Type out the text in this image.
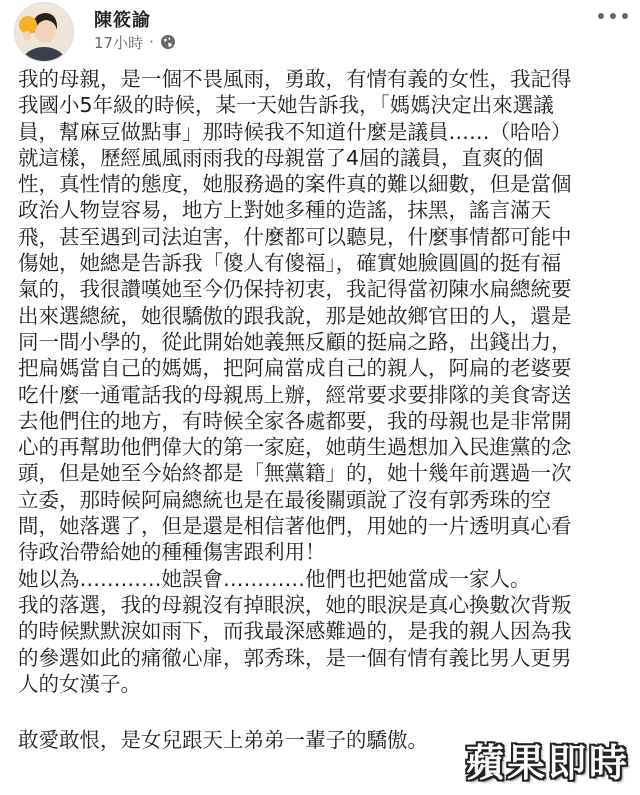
陳筱諭
17小時 ·

我的母親，是一個不畏風雨，勇敢，有情有義的女性，我記得

我國小5年級的時候，某一天她告訴我，「媽媽決定出來選議

員，幫麻豆做點事」那時候我不知道什麼是議員……（哈哈）

就這樣，歷經風風雨雨我的母親當了4屆的議員，直爽的個

性，真性情的態度，她服務過的案件真的難以細數，但是當個

政治人物豈容易，地方上對她多種的造謠，抹黑，謠言滿天

飛，甚至遇到司法迫害，什麼都可以聽見，什麼事情都可能中

傷她，她總是告訴我「傻人有傻福」，確實她臉圓圓的挺有福

氣的，我很讚嘆她至今仍保持初衷，我記得當初陳水扁總統要

出來選總統，她很驕傲的跟我說，那是她故鄉官田的人，還是

同一間小學的，從此開始她義無反顧的挺扁之路，出錢出力，

把扁媽當自己的媽媽，把阿扁當成自己的親人，阿扁的老婆要

吃什麼一通電話我的母親馬上辦，經常要求要排隊的美食寄送

去他們住的地方，有時候全家各處都要，我的母親也是非常開

心的再幫助他們偉大的第一家庭，她萌生過想加入民進黨的念

頭，但是她至今始終都是「無黨籍」的，她十幾年前選過一次

立委，那時候阿扁總統也是在最後關頭說了沒有郭秀珠的空

間，她落選了，但是還是相信著他們，用她的一片透明真心看

待政治帶給她的種種傷害跟利用！

她以為…………她誤會…………他們也把她當成一家人。

我的落選，我的母親沒有掉眼淚，她的眼淚是真心換數次背叛

的時候默默淚如雨下，而我最深感難過的，是我的親人因為我

的參選如此的痛徹心扉，郭秀珠，是一個有情有義比男人更男

人的女漢子。

敢愛敢恨，是女兒跟天上弟弟一輩子的驕傲。

蘋果即時
